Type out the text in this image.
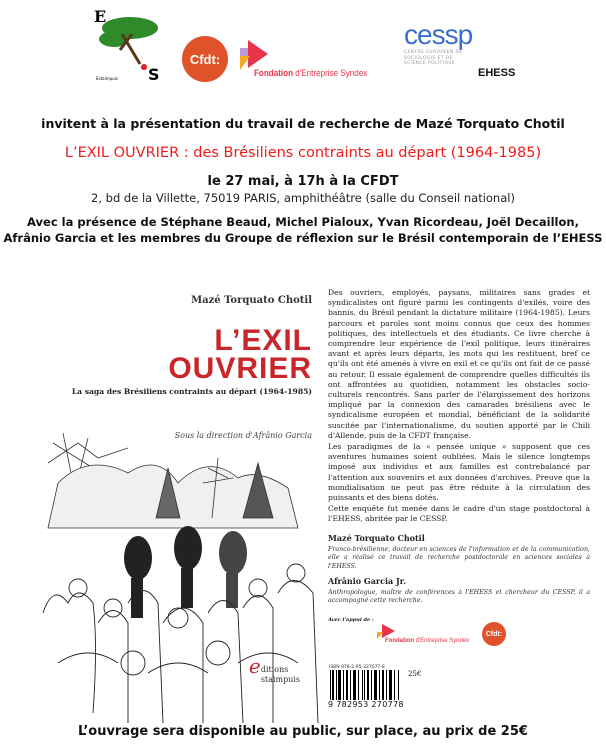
E
S
Estaimpuis
Cfdt:
Fondation d'Entreprise Syndex
cessp
CENTRE EUROPEEN DE SOCIOLOGIE ET DE SCIENCE POLITIQUE
EHESS
invitent à la présentation du travail de recherche de Mazé Torquato Chotil
L’EXIL OUVRIER : des Brésiliens contraints au départ (1964-1985)
le 27 mai, à 17h à la CFDT
2, bd de la Villette, 75019 PARIS, amphithéâtre (salle du Conseil national)
Avec la présence de Stéphane Beaud, Michel Pialoux, Yvan Ricordeau, Joël Decaillon, Afrânio Garcia et les membres du Groupe de réflexion sur le Brésil contemporain de l’EHESS
Mazé Torquato Chotil
L’EXIL
OUVRIER
La saga des Brésiliens contraints au départ (1964-1985)
Sous la direction d'Afrânio Garcia
e ditions
staimpuis

Des ouvriers, employés, paysans, militaires sans grades et syndicalistes ont figuré parmi les contingents d'exilés, voire des bannis, du Brésil pendant la dictature militaire (1964-1985). Leurs parcours et paroles sont moins connus que ceux des hommes politiques, des intellectuels et des étudiants. Ce livre cherche à comprendre leur expérience de l'exil politique, leurs itinéraires avant et après leurs départs, les mots qui les restituent, bref ce qu'ils ont été amenés à vivre en exil et ce qu'ils ont fait de ce passé au retour. Il essaie également de comprendre quelles difficultés ils ont affrontées au quotidien, notamment les obstacles socio-culturels rencontrés. Sans parler de l'élargissement des horizons impliqué par la connexion des camarades brésiliens avec le syndicalisme européen et mondial, bénéficiant de la solidarité suscitée par l'internationalisme, du soutien apporté par le Chili d'Allende, puis de la CFDT française.

Les paradigmes de la « pensée unique » supposent que ces aventures humaines soient oubliées. Mais le silence longtemps imposé aux individus et aux familles est contrebalancé par l'attention aux souvenirs et aux données d'archives. Preuve que la mondialisation ne peut pas être réduite à la circulation des puissants et des biens dotés.

Cette enquête fut menée dans le cadre d'un stage postdoctoral à l'EHESS, abritée par le CESSP.

Mazé Torquato Chotil
Franco-brésilienne, docteur en sciences de l'information et de la communication, elle a réalisé ce travail de recherche postdoctorale en sciences sociales à l'EHESS.
Afrânio Garcia Jr.
Anthropologue, maître de conférences à l'EHESS et chercheur du CESSP, il a accompagné cette recherche.
Avec l'appui de :
Fondation d'Entreprise Syndex
Cfdt:
ISBN 978-2-95-327077-8
9 782953 270778
25€
L’ouvrage sera disponible au public, sur place, au prix de 25€
